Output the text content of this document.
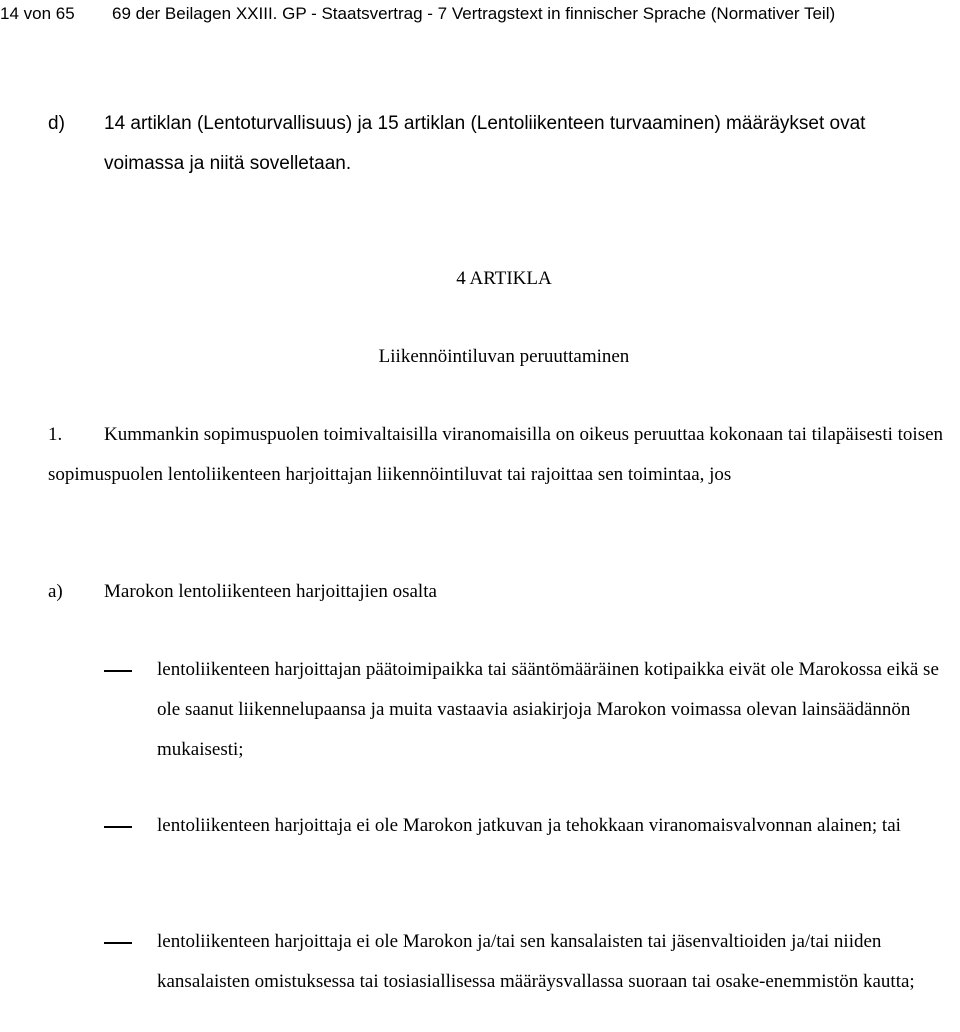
14 von 65 69 der Beilagen XXIII. GP - Staatsvertrag - 7 Vertragstext in finnischer Sprache (Normativer Teil)
d) 14 artiklan (Lentoturvallisuus) ja 15 artiklan (Lentoliikenteen turvaaminen) määräykset ovat voimassa ja niitä sovelletaan.
4 ARTIKLA
Liikennöintiluvan peruuttaminen
1. Kummankin sopimuspuolen toimivaltaisilla viranomaisilla on oikeus peruuttaa kokonaan tai tilapäisesti toisen sopimuspuolen lentoliikenteen harjoittajan liikennöintiluvat tai rajoittaa sen toimintaa, jos
a) Marokon lentoliikenteen harjoittajien osalta
lentoliikenteen harjoittajan päätoimipaikka tai sääntömääräinen kotipaikka eivät ole Marokossa eikä se ole saanut liikennelupaansa ja muita vastaavia asiakirjoja Marokon voimassa olevan lainsäädännön mukaisesti;
lentoliikenteen harjoittaja ei ole Marokon jatkuvan ja tehokkaan viranomaisvalvonnan alainen; tai
lentoliikenteen harjoittaja ei ole Marokon ja/tai sen kansalaisten tai jäsenvaltioiden ja/tai niiden kansalaisten omistuksessa tai tosiasiallisessa määräysvallassa suoraan tai osake-enemmistön kautta;
